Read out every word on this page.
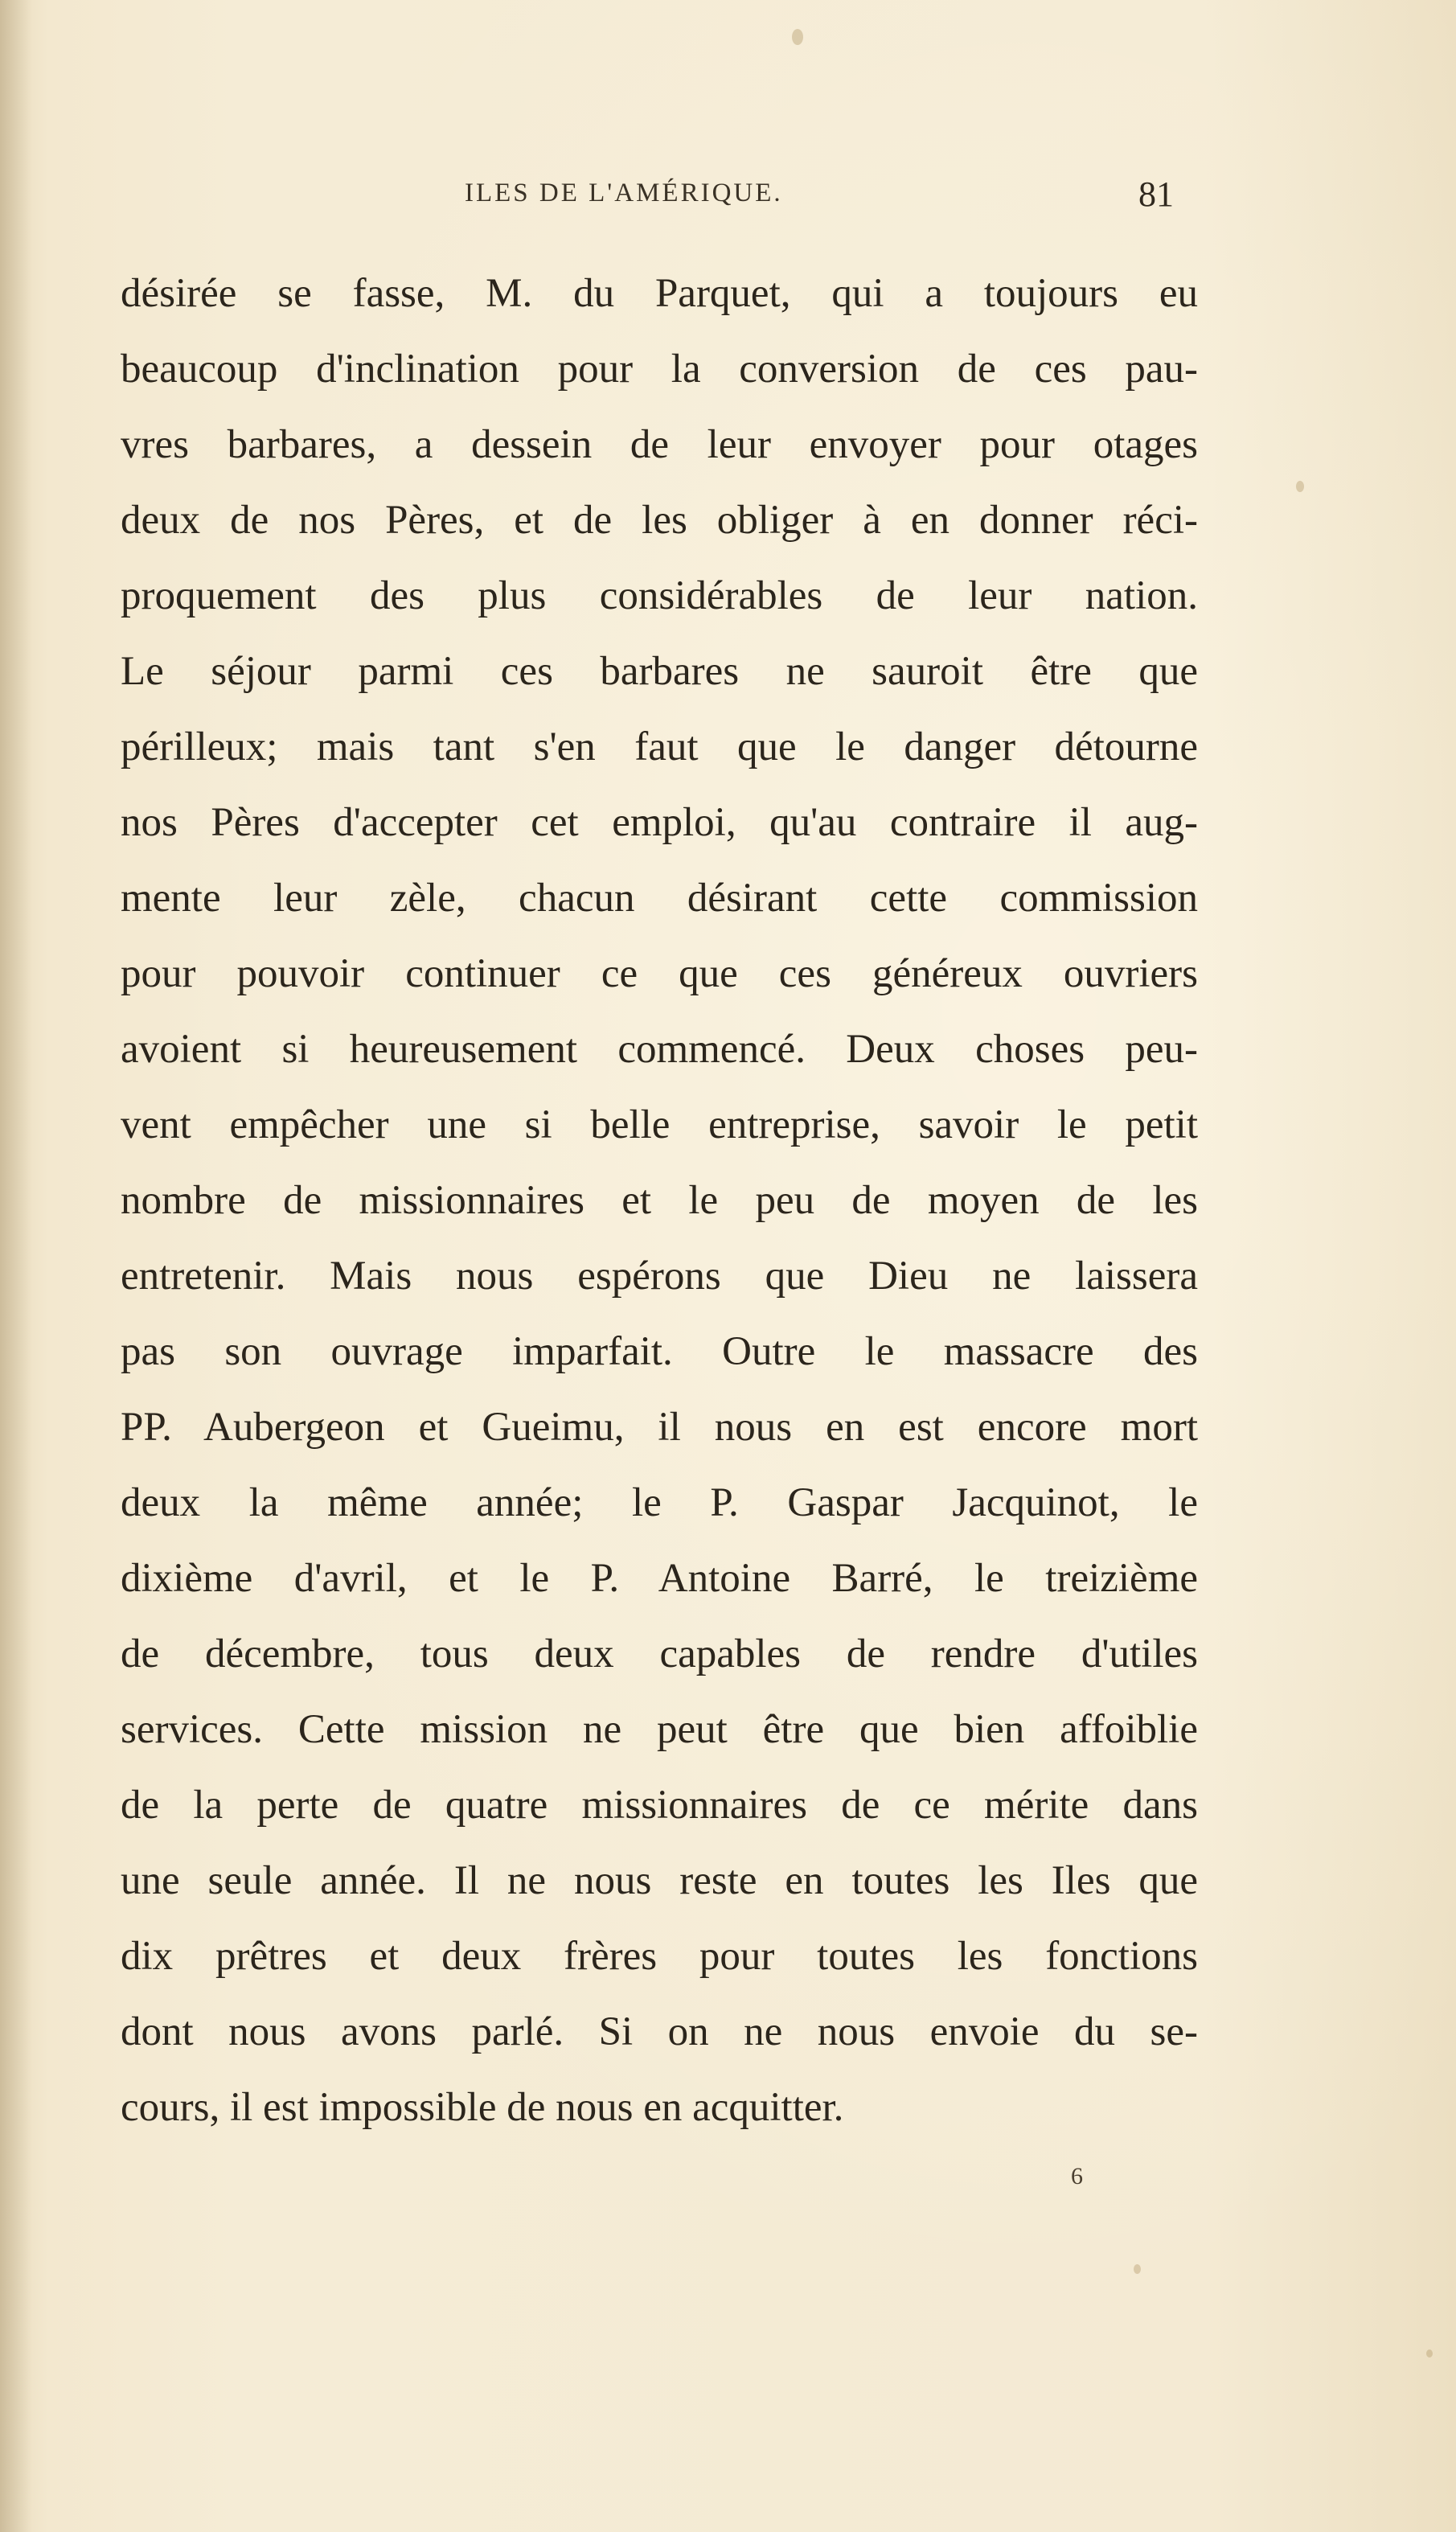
ILES DE L'AMÉRIQUE.	81
désirée se fasse, M. du Parquet, qui a toujours eu
beaucoup d'inclination pour la conversion de ces pau-
vres barbares, a dessein de leur envoyer pour otages
deux de nos Pères, et de les obliger à en donner réci-
proquement des plus considérables de leur nation.
Le séjour parmi ces barbares ne sauroit être que
périlleux; mais tant s'en faut que le danger détourne
nos Pères d'accepter cet emploi, qu'au contraire il aug-
mente leur zèle, chacun désirant cette commission
pour pouvoir continuer ce que ces généreux ouvriers
avoient si heureusement commencé. Deux choses peu-
vent empêcher une si belle entreprise, savoir le petit
nombre de missionnaires et le peu de moyen de les
entretenir. Mais nous espérons que Dieu ne laissera
pas son ouvrage imparfait. Outre le massacre des
PP. Aubergeon et Gueimu, il nous en est encore mort
deux la même année; le P. Gaspar Jacquinot, le
dixième d'avril, et le P. Antoine Barré, le treizième
de décembre, tous deux capables de rendre d'utiles
services. Cette mission ne peut être que bien affoiblie
de la perte de quatre missionnaires de ce mérite dans
une seule année. Il ne nous reste en toutes les Iles que
dix prêtres et deux frères pour toutes les fonctions
dont nous avons parlé. Si on ne nous envoie du se-
cours, il est impossible de nous en acquitter.
6
